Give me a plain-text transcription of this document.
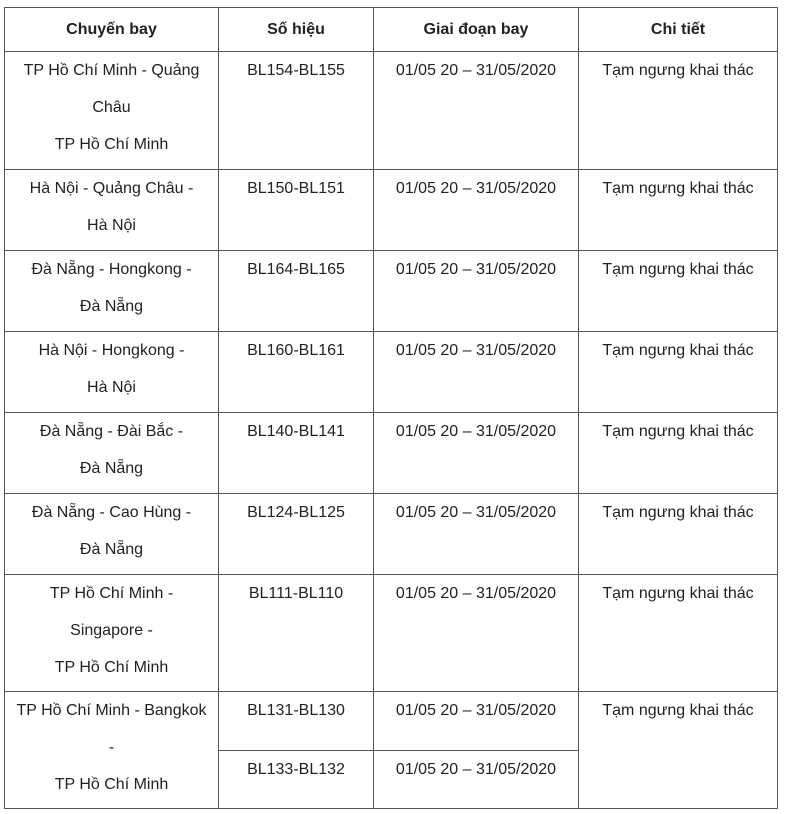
Chuyến bay	Số hiệu	Giai đoạn bay	Chi tiết

TP Hồ Chí Minh - Quảng
Châu
TP Hồ Chí Minh	BL154-BL155	01/05 20 – 31/05/2020	Tạm ngưng khai thác

Hà Nội - Quảng Châu -
Hà Nội	BL150-BL151	01/05 20 – 31/05/2020	Tạm ngưng khai thác

Đà Nẵng - Hongkong -
Đà Nẵng	BL164-BL165	01/05 20 – 31/05/2020	Tạm ngưng khai thác

Hà Nội - Hongkong -
Hà Nội	BL160-BL161	01/05 20 – 31/05/2020	Tạm ngưng khai thác

Đà Nẵng - Đài Bắc -
Đà Nẵng	BL140-BL141	01/05 20 – 31/05/2020	Tạm ngưng khai thác

Đà Nẵng - Cao Hùng -
Đà Nẵng	BL124-BL125	01/05 20 – 31/05/2020	Tạm ngưng khai thác

TP Hồ Chí Minh -
Singapore -
TP Hồ Chí Minh	BL111-BL110	01/05 20 – 31/05/2020	Tạm ngưng khai thác

TP Hồ Chí Minh - Bangkok
-
TP Hồ Chí Minh	BL131-BL130	01/05 20 – 31/05/2020	Tạm ngưng khai thác
	BL133-BL132	01/05 20 – 31/05/2020	
